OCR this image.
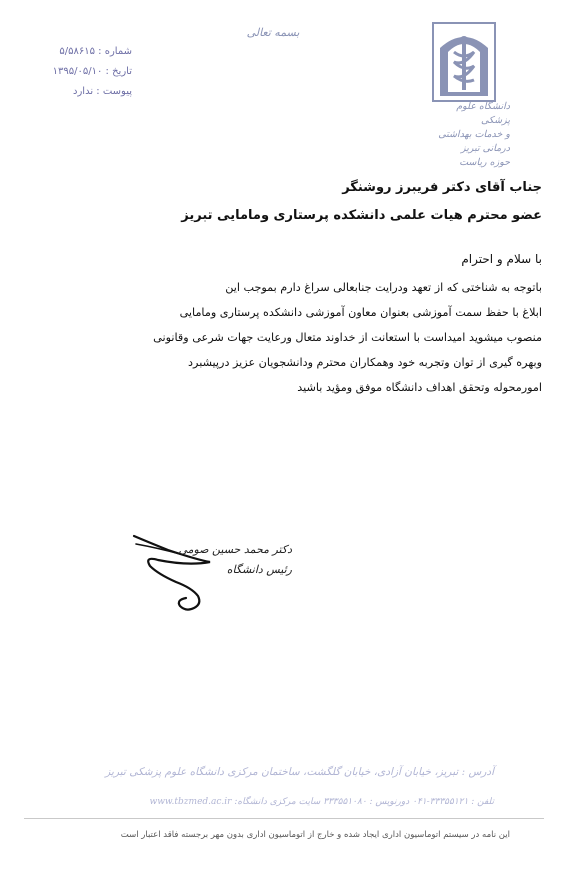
بسمه تعالی
شماره : ۵/۵۸۶۱۵
تاریخ : ۱۳۹۵/۰۵/۱۰
پیوست : ندارد
دانشگاه علوم پزشکی
و خدمات بهداشتی درمانی تبریز
حوزه ریاست
جناب آقای دکتر فریبرز روشنگر
عضو محترم هیات علمی دانشکده پرستاری ومامایی تبریز
با سلام و احترام
باتوجه به شناختی که از تعهد ودرایت جنابعالی سراغ دارم بموجب این
ابلاغ با حفظ سمت آموزشی بعنوان معاون آموزشی دانشکده پرستاری ومامایی
منصوب میشوید امیداست با استعانت از خداوند متعال ورعایت جهات شرعی وقانونی
وبهره گیری از توان وتجربه خود وهمکاران محترم ودانشجویان عزیز درپیشبرد
امورمحوله وتحقق اهداف دانشگاه موفق ومؤید باشید
دکتر محمد حسین صومی
رئیس دانشگاه
آدرس : تبریز، خیابان آزادی، خیابان گلگشت، ساختمان مرکزی دانشگاه علوم پزشکی تبریز
تلفن : ۳۳۳۵۵۱۲۱-۰۴۱ دورنویس : ۳۳۳۵۵۱۰۸۰ سایت مرکزی دانشگاه: www.tbzmed.ac.ir
این نامه در سیستم اتوماسیون اداری ایجاد شده و خارج از اتوماسیون اداری بدون مهر برجسته فاقد اعتبار است
